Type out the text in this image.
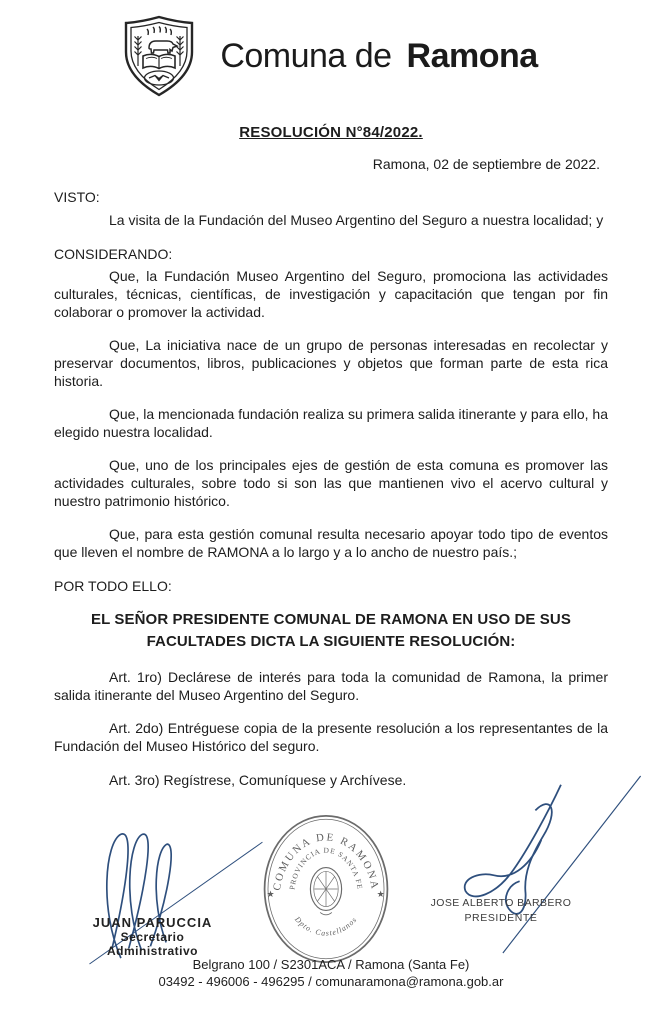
Comuna de Ramona
RESOLUCIÓN N°84/2022.
Ramona, 02 de septiembre de 2022.
VISTO:

La visita de la Fundación del Museo Argentino del Seguro a nuestra localidad; y

CONSIDERANDO:

Que, la Fundación Museo Argentino del Seguro, promociona las actividades culturales, técnicas, científicas, de investigación y capacitación que tengan por fin colaborar o promover la actividad.

Que, La iniciativa nace de un grupo de personas interesadas en recolectar y preservar documentos, libros, publicaciones y objetos que forman parte de esta rica historia.

Que, la mencionada fundación realiza su primera salida itinerante y para ello, ha elegido nuestra localidad.

Que, uno de los principales ejes de gestión de esta comuna es promover las actividades culturales, sobre todo si son las que mantienen vivo el acervo cultural y nuestro patrimonio histórico.

Que, para esta gestión comunal resulta necesario apoyar todo tipo de eventos que lleven el nombre de RAMONA a lo largo y a lo ancho de nuestro país.;

POR TODO ELLO:
EL SEÑOR PRESIDENTE COMUNAL DE RAMONA EN USO DE SUS FACULTADES DICTA LA SIGUIENTE RESOLUCIÓN:

Art. 1ro) Declárese de interés para toda la comunidad de Ramona, la primer salida itinerante del Museo Argentino del Seguro.

Art. 2do) Entréguese copia de la presente resolución a los representantes de la Fundación del Museo Histórico del seguro.

Art. 3ro) Regístrese, Comuníquese y Archívese.

JUAN PARUCCIA
Secretario
Administrativo
COMUNA DE RAMONA
PROVINCIA DE SANTA FE
Dpto. Castellanos
★	★
JOSE ALBERTO BARBERO
PRESIDENTE
Belgrano 100 / S2301ACA / Ramona (Santa Fe)
03492 - 496006 - 496295 / comunaramona@ramona.gob.ar
